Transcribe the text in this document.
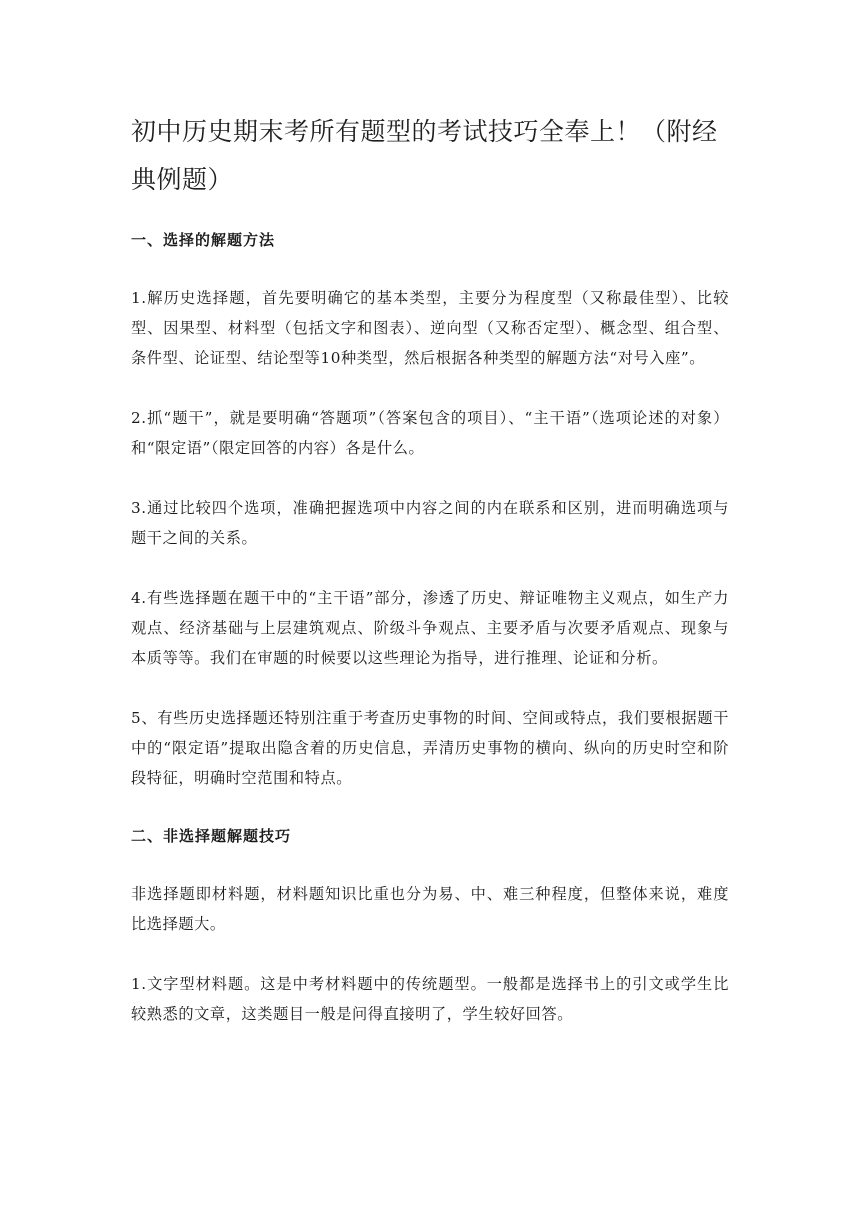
初中历史期末考所有题型的考试技巧全奉上！（附经典例题）
一、选择的解题方法

1.解历史选择题，首先要明确它的基本类型，主要分为程度型（又称最佳型）、比较型、因果型、材料型（包括文字和图表）、逆向型（又称否定型）、概念型、组合型、条件型、论证型、结论型等10种类型，然后根据各种类型的解题方法“对号入座”。

2.抓“题干”，就是要明确“答题项”（答案包含的项目）、“主干语”（选项论述的对象）和“限定语”（限定回答的内容）各是什么。

3.通过比较四个选项，准确把握选项中内容之间的内在联系和区别，进而明确选项与题干之间的关系。

4.有些选择题在题干中的“主干语”部分，渗透了历史、辩证唯物主义观点，如生产力观点、经济基础与上层建筑观点、阶级斗争观点、主要矛盾与次要矛盾观点、现象与本质等等。我们在审题的时候要以这些理论为指导，进行推理、论证和分析。

5、有些历史选择题还特别注重于考查历史事物的时间、空间或特点，我们要根据题干中的“限定语”提取出隐含着的历史信息，弄清历史事物的横向、纵向的历史时空和阶段特征，明确时空范围和特点。

二、非选择题解题技巧

非选择题即材料题，材料题知识比重也分为易、中、难三种程度，但整体来说，难度比选择题大。

1.文字型材料题。这是中考材料题中的传统题型。一般都是选择书上的引文或学生比较熟悉的文章，这类题目一般是问得直接明了，学生较好回答。
